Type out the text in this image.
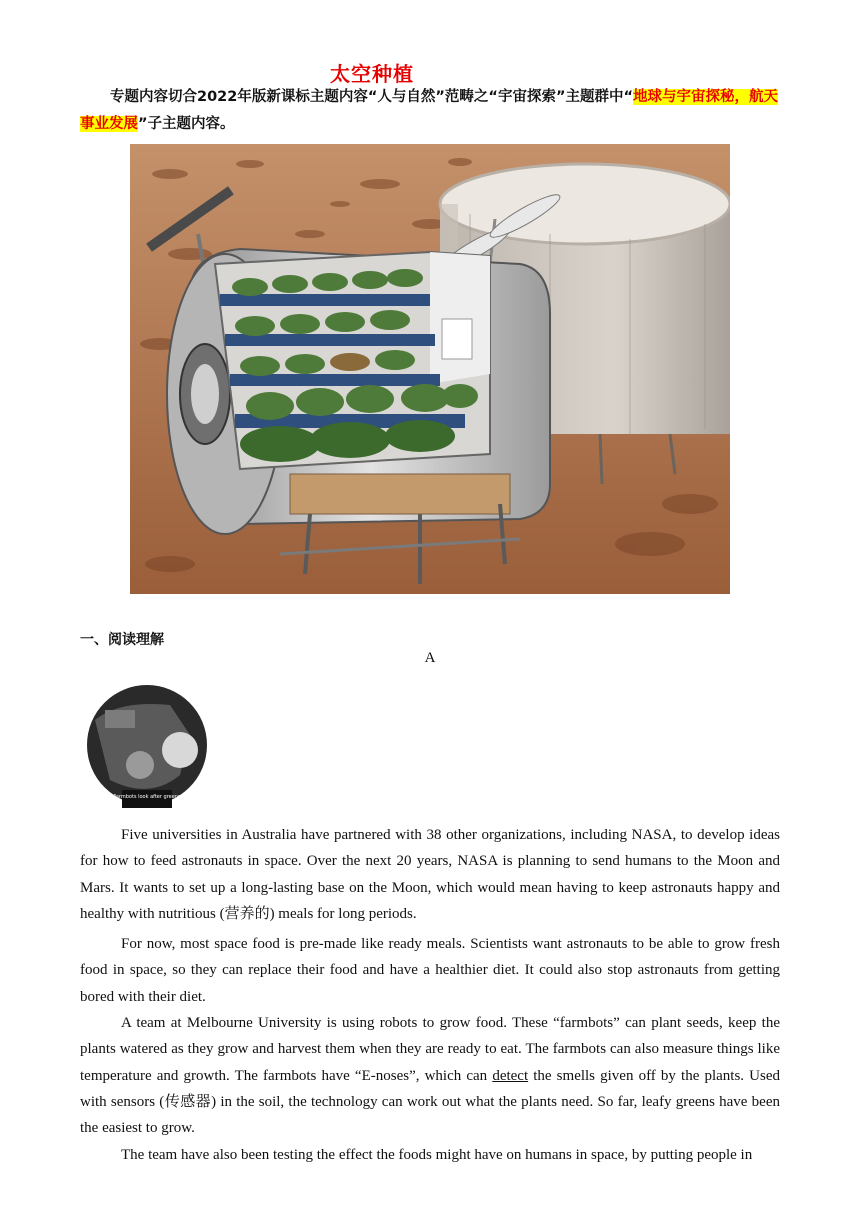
太空种植

专题内容切合2022年版新课标主题内容“人与自然”范畴之“宇宙探索”主题群中“地球与宇宙探秘，航天事业发展”子主题内容。

一、阅读理解
A
Farmbots look after greens

Five universities in Australia have partnered with 38 other organizations, including NASA, to develop ideas for how to feed astronauts in space. Over the next 20 years, NASA is planning to send humans to the Moon and Mars. It wants to set up a long-lasting base on the Moon, which would mean having to keep astronauts happy and healthy with nutritious (营养的) meals for long periods.

For now, most space food is pre-made like ready meals. Scientists want astronauts to be able to grow fresh food in space, so they can replace their food and have a healthier diet. It could also stop astronauts from getting bored with their diet.

A team at Melbourne University is using robots to grow food. These “farmbots” can plant seeds, keep the plants watered as they grow and harvest them when they are ready to eat. The farmbots can also measure things like temperature and growth. The farmbots have “E-noses”, which can detect the smells given off by the plants. Used with sensors (传感器) in the soil, the technology can work out what the plants need. So far, leafy greens have been the easiest to grow.

The team have also been testing the effect the foods might have on humans in space, by putting people in
